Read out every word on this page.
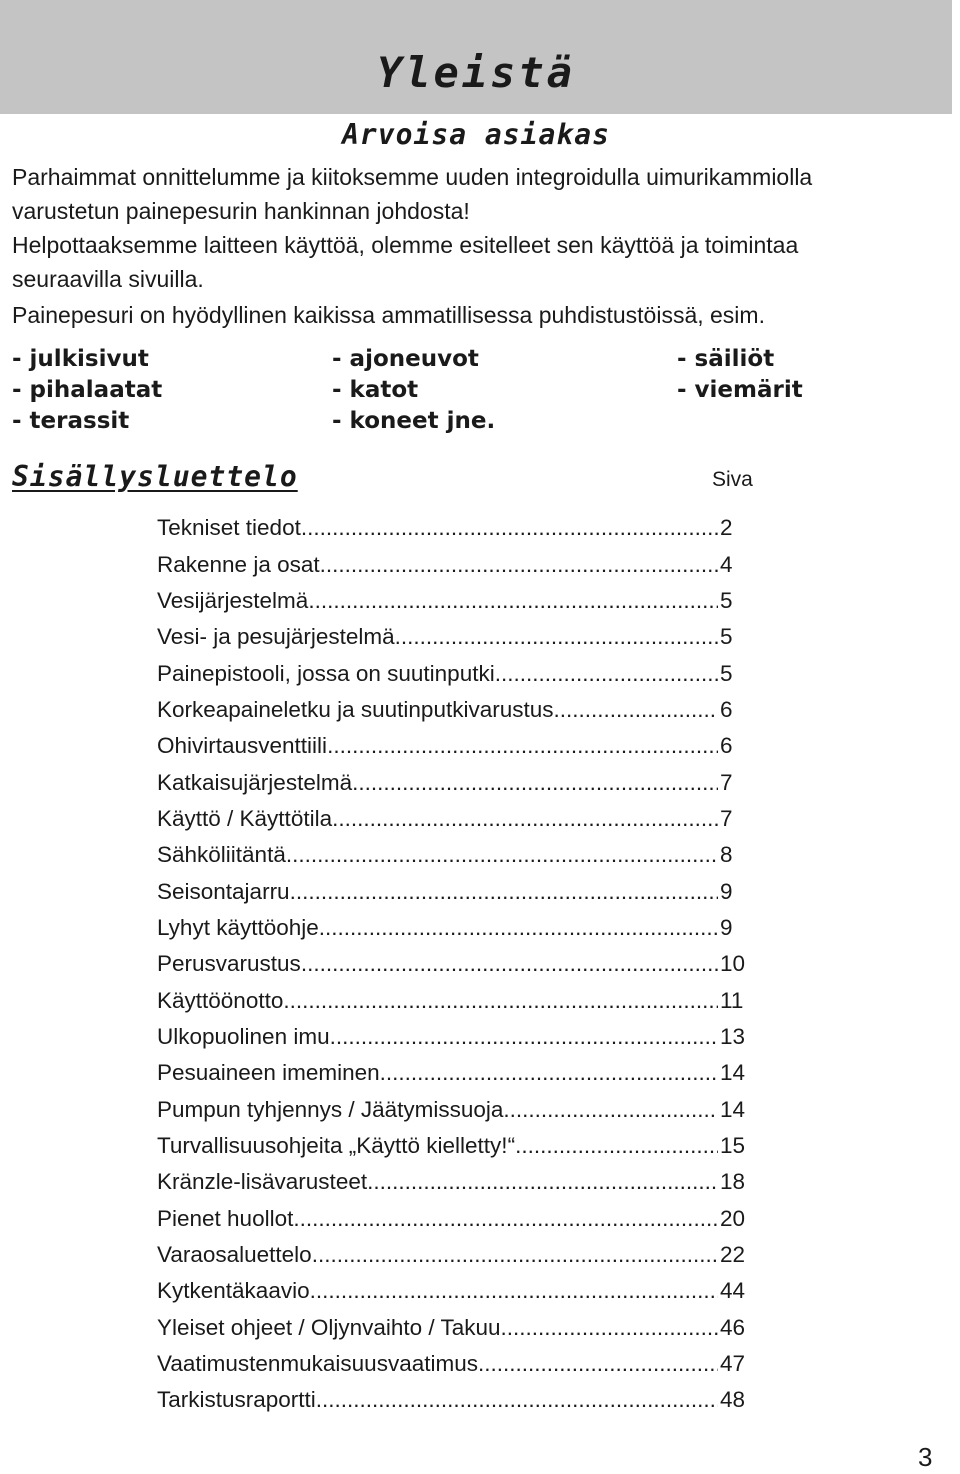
Yleistä
Arvoisa asiakas

Parhaimmat onnittelumme ja kiitoksemme uuden integroidulla uimurikammiolla varustetun painepesurin hankinnan johdosta!

Helpottaaksemme laitteen käyttöä, olemme esitelleet sen käyttöä ja toimintaa seuraavilla sivuilla.

Painepesuri on hyödyllinen kaikissa ammatillisessa puhdistustöissä, esim.

- julkisivut
- pihalaatat
- terassit
- ajoneuvot
- katot
- koneet jne.
- säiliöt
- viemärit
Sisällysluettelo	Siva
Tekniset tiedot .....	2
Rakenne ja osat .....	4
Vesijärjestelmä .....	5
Vesi- ja pesujärjestelmä .....	5
Painepistooli, jossa on suutinputki .....	5
Korkeapaineletku ja suutinputkivarustus .....	6
Ohivirtausventtiili .....	6
Katkaisujärjestelmä .....	7
Käyttö / Käyttötila .....	7
Sähköliitäntä .....	8
Seisontajarru .....	9
Lyhyt käyttöohje .....	9
Perusvarustus .....	10
Käyttöönotto .....	11
Ulkopuolinen imu .....	13
Pesuaineen imeminen .....	14
Pumpun tyhjennys / Jäätymissuoja .....	14
Turvallisuusohjeita „Käyttö kielletty!“ .....	15
Kränzle-lisävarusteet .....	18
Pienet huollot .....	20
Varaosaluettelo .....	22
Kytkentäkaavio .....	44
Yleiset ohjeet / Oljynvaihto / Takuu .....	46
Vaatimustenmukaisuusvaatimus .....	47
Tarkistusraportti .....	48
3
